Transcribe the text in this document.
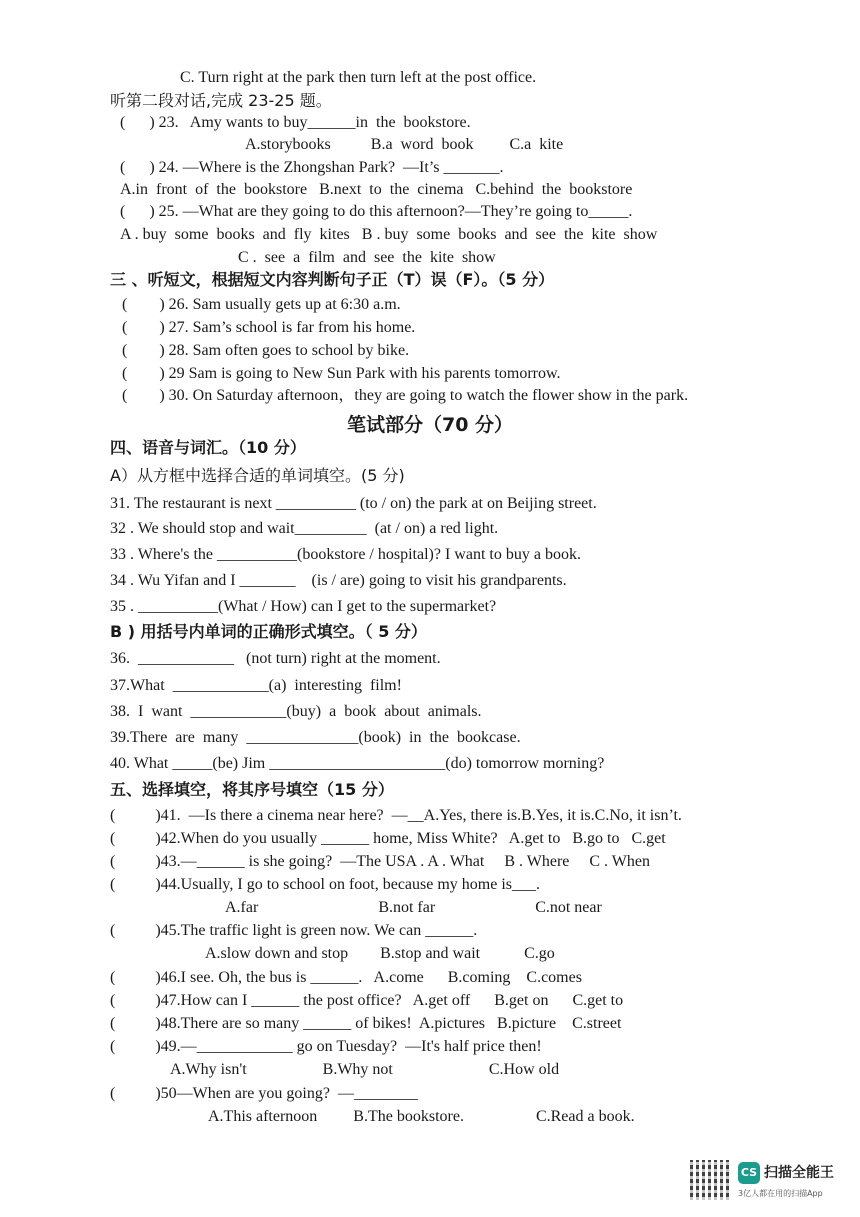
笔试部分（70 分）
CS 扫描全能王
3亿人都在用的扫描App
C. Turn right at the park then turn left at the post office.
听第二段对话,完成 23-25 题。
(      ) 23.   Amy wants to buy______in  the  bookstore.
A.storybooks          B.a  word  book         C.a  kite
(      ) 24. —Where is the Zhongshan Park?  —It’s _______.
A.in  front  of  the  bookstore   B.next  to  the  cinema   C.behind  the  bookstore
(      ) 25. —What are they going to do this afternoon?—They’re going to_____.
A . buy  some  books  and  fly  kites   B . buy  some  books  and  see  the  kite  show
C .  see  a  film  and  see  the  kite  show
三 、听短文，根据短文内容判断句子正（T）误（F）。（5 分）
(        ) 26. Sam usually gets up at 6:30 a.m.
(        ) 27. Sam’s school is far from his home.
(        ) 28. Sam often goes to school by bike.
(        ) 29 Sam is going to New Sun Park with his parents tomorrow.
(        ) 30. On Saturday afternoon，they are going to watch the flower show in the park.
四、语音与词汇。（10 分）
A）从方框中选择合适的单词填空。(5 分)
31. The restaurant is next __________ (to / on) the park at on Beijing street.
32 . We should stop and wait_________  (at / on) a red light.
33 . Where's the __________(bookstore / hospital)? I want to buy a book.
34 . Wu Yifan and I _______    (is / are) going to visit his grandparents.
35 . __________(What / How) can I get to the supermarket?
B ) 用括号内单词的正确形式填空。（ 5 分）
36.  ____________   (not turn) right at the moment.
37.What  ____________(a)  interesting  film!
38.  I  want  ____________(buy)  a  book  about  animals.
39.There  are  many  ______________(book)  in  the  bookcase.
40. What _____(be) Jim ______________________(do) tomorrow morning?
五、选择填空，将其序号填空（15 分）
(          )41.  —Is there a cinema near here?  —__A.Yes, there is.B.Yes, it is.C.No, it isn’t.
(          )42.When do you usually ______ home, Miss White?   A.get to   B.go to   C.get
(          )43.—______ is she going?  —The USA . A . What     B . Where     C . When
(          )44.Usually, I go to school on foot, because my home is___.
A.far                              B.not far                         C.not near
(          )45.The traffic light is green now. We can ______.
A.slow down and stop        B.stop and wait           C.go
(          )46.I see. Oh, the bus is ______.   A.come      B.coming    C.comes
(          )47.How can I ______ the post office?   A.get off      B.get on      C.get to
(          )48.There are so many ______ of bikes!  A.pictures   B.picture    C.street
(          )49.—____________ go on Tuesday?  —It's half price then!
A.Why isn't                   B.Why not                        C.How old
(          )50—When are you going?  —________
A.This afternoon         B.The bookstore.                  C.Read a book.
